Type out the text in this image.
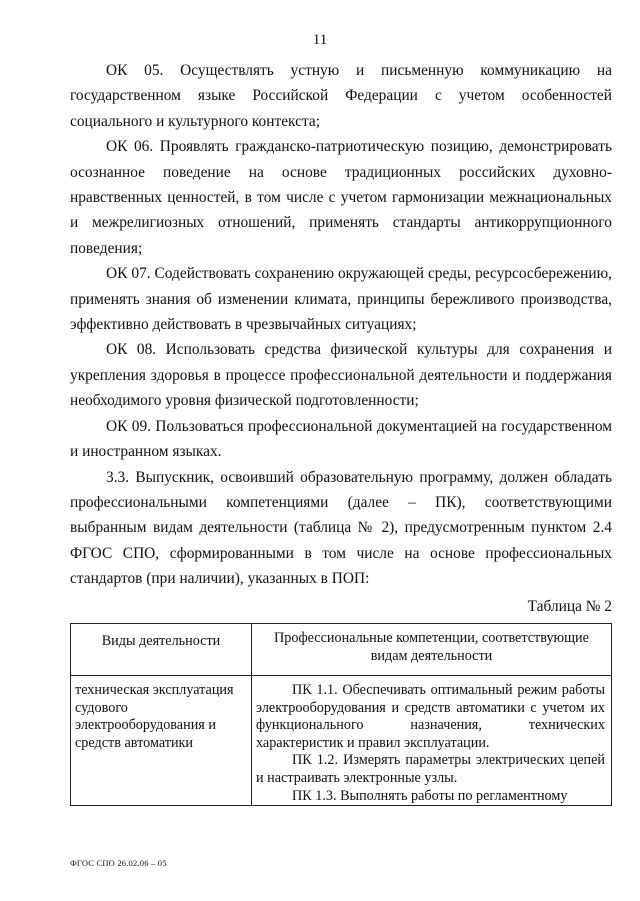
11

ОК 05. Осуществлять устную и письменную коммуникацию на государственном языке Российской Федерации с учетом особенностей социального и культурного контекста;

ОК 06. Проявлять гражданско-патриотическую позицию, демонстрировать осознанное поведение на основе традиционных российских духовно-нравственных ценностей, в том числе с учетом гармонизации межнациональных и межрелигиозных отношений, применять стандарты антикоррупционного поведения;

ОК 07. Содействовать сохранению окружающей среды, ресурсосбережению, применять знания об изменении климата, принципы бережливого производства, эффективно действовать в чрезвычайных ситуациях;

ОК 08. Использовать средства физической культуры для сохранения и укрепления здоровья в процессе профессиональной деятельности и поддержания необходимого уровня физической подготовленности;

ОК 09. Пользоваться профессиональной документацией на государственном и иностранном языках.

3.3. Выпускник, освоивший образовательную программу, должен обладать профессиональными компетенциями (далее – ПК), соответствующими выбранным видам деятельности (таблица № 2), предусмотренным пунктом 2.4 ФГОС СПО, сформированными в том числе на основе профессиональных стандартов (при наличии), указанных в ПОП:

Таблица № 2
Виды деятельности	Профессиональные компетенции, соответствующие видам деятельности
техническая эксплуатация судового электрооборудования и средств автоматики	ПК 1.1. Обеспечивать оптимальный режим работы электрооборудования и средств автоматики с учетом их функционального назначения, технических характеристик и правил эксплуатации.

ПК 1.2. Измерять параметры электрических цепей и настраивать электронные узлы.

ПК 1.3. Выполнять работы по регламентному

ФГОС СПО 26.02.06 – 05
